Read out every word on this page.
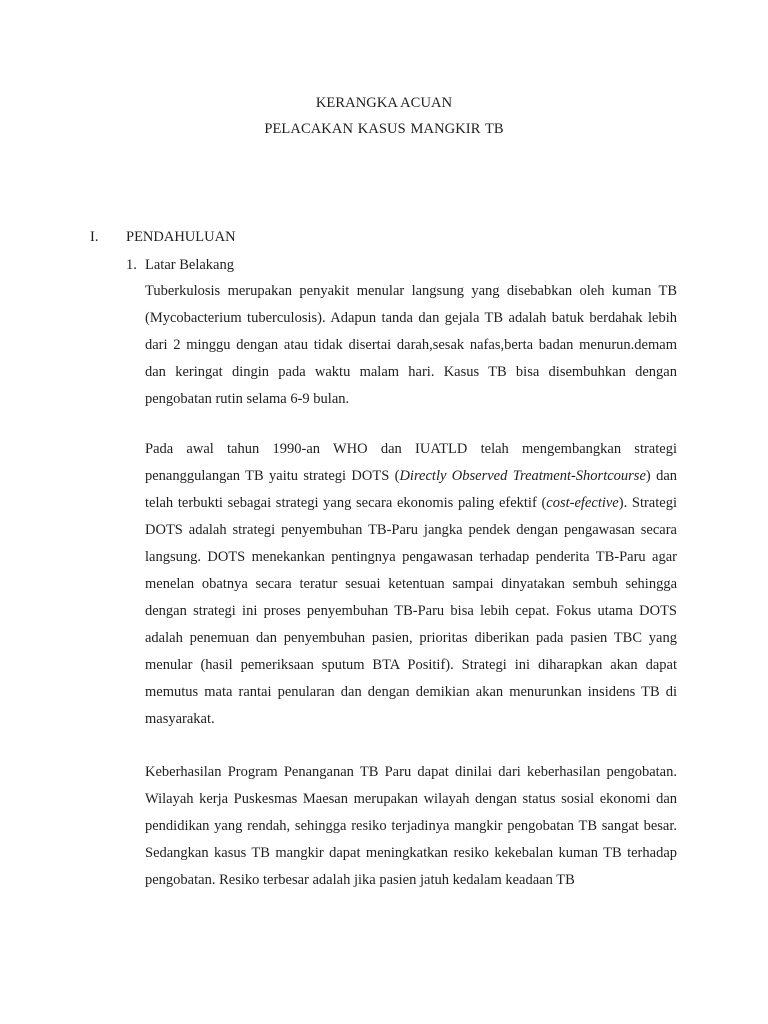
KERANGKA ACUAN
PELACAKAN KASUS MANGKIR TB
I. PENDAHULUAN
1. Latar Belakang

Tuberkulosis merupakan penyakit menular langsung yang disebabkan oleh kuman TB (Mycobacterium tuberculosis). Adapun tanda dan gejala TB adalah batuk berdahak lebih dari 2 minggu dengan atau tidak disertai darah,sesak nafas,berta badan menurun.demam dan keringat dingin pada waktu malam hari. Kasus TB bisa disembuhkan dengan pengobatan rutin selama 6-9 bulan.

Pada awal tahun 1990-an WHO dan IUATLD telah mengembangkan strategi penanggulangan TB yaitu strategi DOTS (Directly Observed Treatment-Shortcourse) dan telah terbukti sebagai strategi yang secara ekonomis paling efektif (cost-efective). Strategi DOTS adalah strategi penyembuhan TB-Paru jangka pendek dengan pengawasan secara langsung. DOTS menekankan pentingnya pengawasan terhadap penderita TB-Paru agar menelan obatnya secara teratur sesuai ketentuan sampai dinyatakan sembuh sehingga dengan strategi ini proses penyembuhan TB-Paru bisa lebih cepat. Fokus utama DOTS adalah penemuan dan penyembuhan pasien, prioritas diberikan pada pasien TBC yang menular (hasil pemeriksaan sputum BTA Positif). Strategi ini diharapkan akan dapat memutus mata rantai penularan dan dengan demikian akan menurunkan insidens TB di masyarakat.

Keberhasilan Program Penanganan TB Paru dapat dinilai dari keberhasilan pengobatan. Wilayah kerja Puskesmas Maesan merupakan wilayah dengan status sosial ekonomi dan pendidikan yang rendah, sehingga resiko terjadinya mangkir pengobatan TB sangat besar. Sedangkan kasus TB mangkir dapat meningkatkan resiko kekebalan kuman TB terhadap pengobatan. Resiko terbesar adalah jika pasien jatuh kedalam keadaan TB
